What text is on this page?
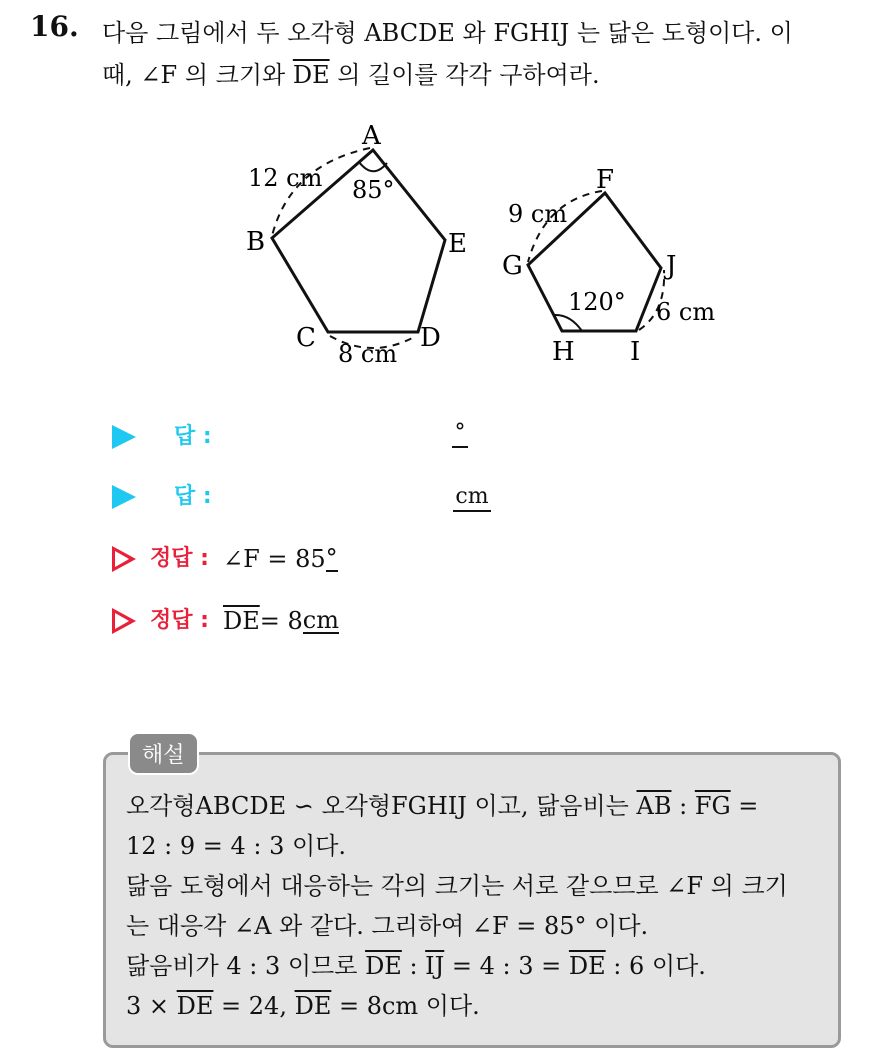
16. 다음 그림에서 두 오각형 ABCDE 와 FGHIJ 는 닮은 도형이다. 이
때, ∠F 의 크기와 $\overline{DE}$ 의 길이를 각각 구하여라.
A
B
C	D
E
12 cm 85°
8 cm
F
G
H I
J
9 cm
120° 6 cm
답 :	°
답 :	cm
정답 : ∠F = 85 °
정답 : $\overline{DE} = 8$ cm
해설
오각형ABCDE ∽ 오각형FGHIJ 이고, 닮음비는 $\overline{AB}$ : $\overline{FG}$ =
12 : 9 = 4 : 3 이다.
닮음 도형에서 대응하는 각의 크기는 서로 같으므로 ∠F 의 크기
는 대응각 ∠A 와 같다. 그리하여 ∠F = 85° 이다.
닮음비가 4 : 3 이므로 $\overline{DE}$ : $\overline{IJ} = 4$ : $3 = \overline{DE}$ : 6 이다.
$3 \times \overline{DE} = 24$, $\overline{DE} = 8cm$ 이다.
